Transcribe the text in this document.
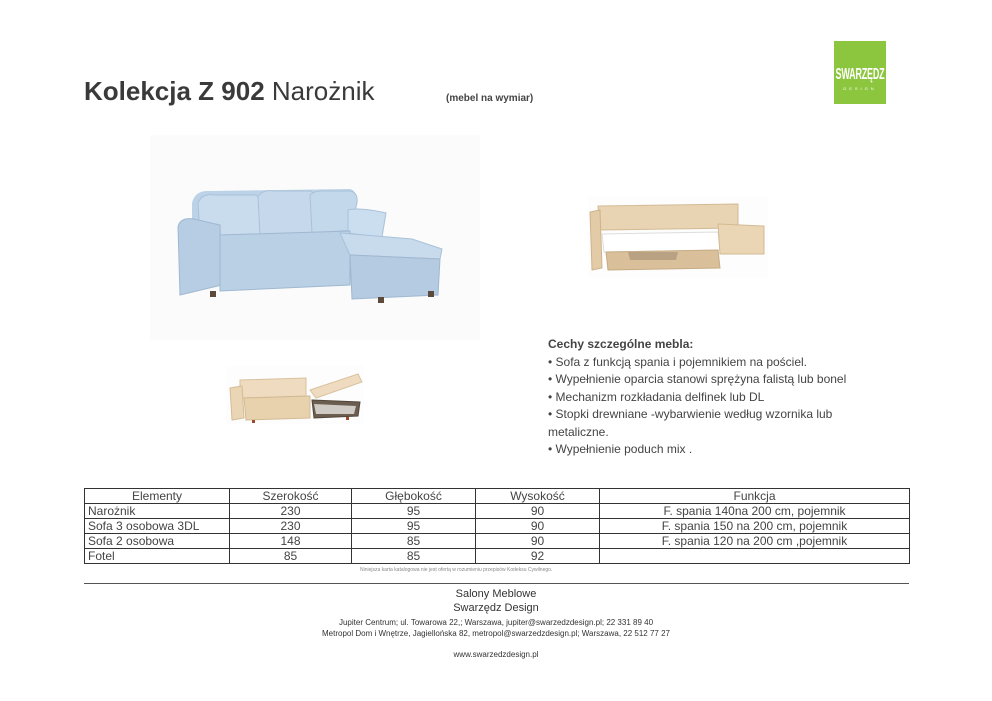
Kolekcja Z 902 Narożnik	(mebel na wymiar)
SWARZĘDZ
DESIGN
Cechy szczególne mebla:
• Sofa z funkcją spania i pojemnikiem na pościel.
• Wypełnienie oparcia stanowi sprężyna falistą lub bonel
• Mechanizm rozkładania delfinek lub DL
• Stopki drewniane -wybarwienie według wzornika lub
metaliczne.
• Wypełnienie poduch mix .
Elementy	Szerokość	Głębokość	Wysokość	Funkcja
Narożnik	230	95	90	F. spania 140na 200 cm, pojemnik
Sofa 3 osobowa 3DL	230	95	90	F. spania 150 na 200 cm, pojemnik
Sofa 2 osobowa	148	85	90	F. spania 120 na 200 cm ,pojemnik
Fotel	85	85	92	
Niniejsza karta katalogowa nie jest ofertą w rozumieniu przepisów Kodeksu Cywilnego.
Salony Meblowe
Swarzędz Design
Jupiter Centrum; ul. Towarowa 22,; Warszawa, jupiter@swarzedzdesign.pl; 22 331 89 40
Metropol Dom i Wnętrze, Jagiellońska 82, metropol@swarzedzdesign.pl; Warszawa, 22 512 77 27
www.swarzedzdesign.pl
